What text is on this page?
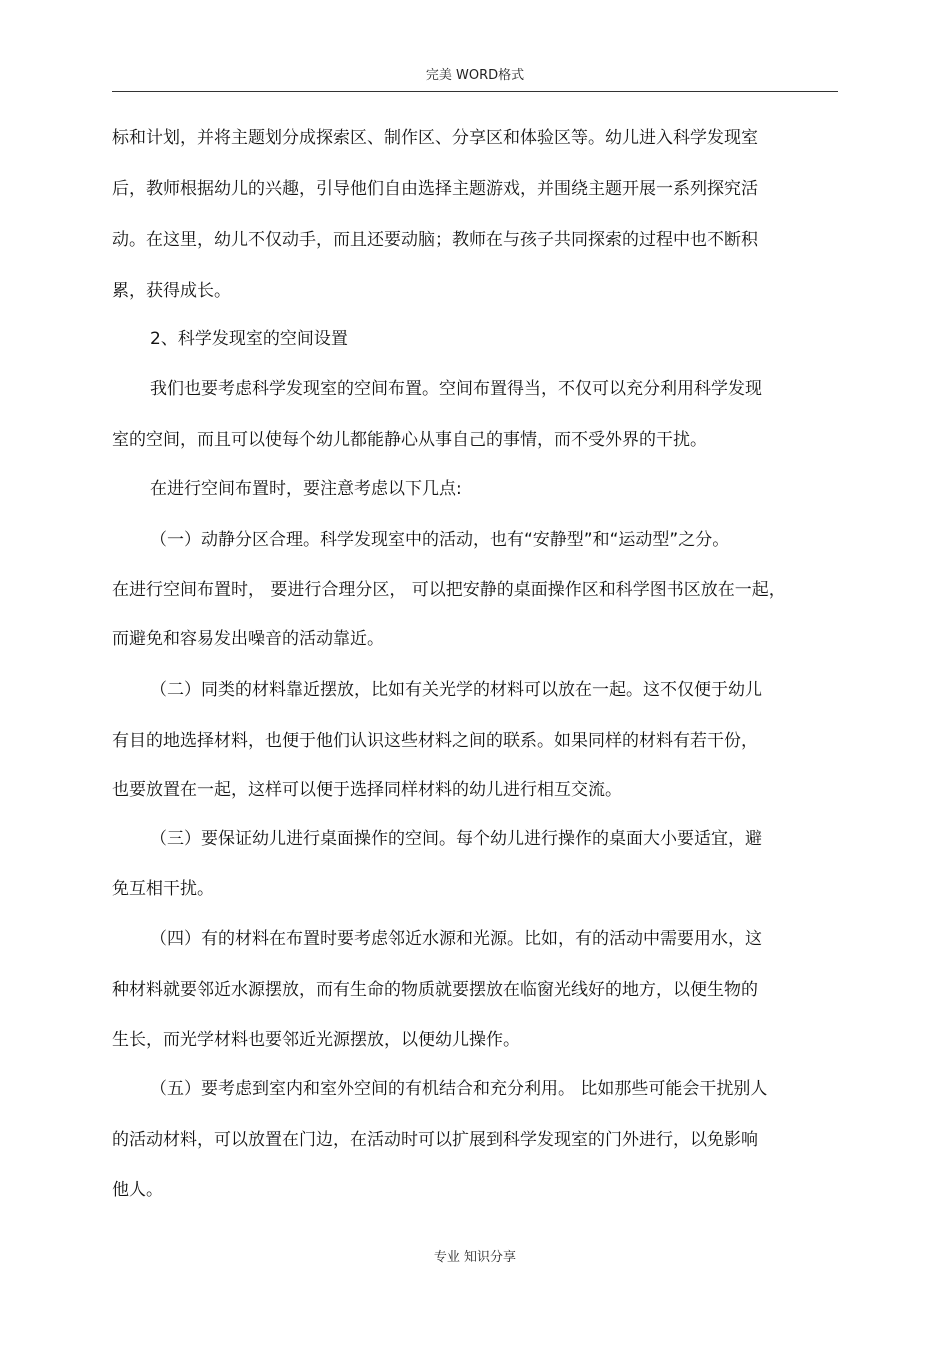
完美 WORD格式
标和计划，并将主题划分成探索区、制作区、分享区和体验区等。幼儿进入科学发现室
后，教师根据幼儿的兴趣，引导他们自由选择主题游戏，并围绕主题开展一系列探究活
动。在这里，幼儿不仅动手，而且还要动脑；教师在与孩子共同探索的过程中也不断积
累，获得成长。
2、科学发现室的空间设置
我们也要考虑科学发现室的空间布置。空间布置得当，不仅可以充分利用科学发现
室的空间，而且可以使每个幼儿都能静心从事自己的事情，而不受外界的干扰。
在进行空间布置时，要注意考虑以下几点:
（一）动静分区合理。科学发现室中的活动，也有“安静型”和“运动型”之分。
在进行空间布置时， 要进行合理分区， 可以把安静的桌面操作区和科学图书区放在一起，
而避免和容易发出噪音的活动靠近。
（二）同类的材料靠近摆放，比如有关光学的材料可以放在一起。这不仅便于幼儿
有目的地选择材料，也便于他们认识这些材料之间的联系。如果同样的材料有若干份，
也要放置在一起，这样可以便于选择同样材料的幼儿进行相互交流。
（三）要保证幼儿进行桌面操作的空间。每个幼儿进行操作的桌面大小要适宜，避
免互相干扰。
（四）有的材料在布置时要考虑邻近水源和光源。比如，有的活动中需要用水，这
种材料就要邻近水源摆放，而有生命的物质就要摆放在临窗光线好的地方，以便生物的
生长，而光学材料也要邻近光源摆放，以便幼儿操作。
（五）要考虑到室内和室外空间的有机结合和充分利用。 比如那些可能会干扰别人
的活动材料，可以放置在门边，在活动时可以扩展到科学发现室的门外进行，以免影响
他人。
专业 知识分享
